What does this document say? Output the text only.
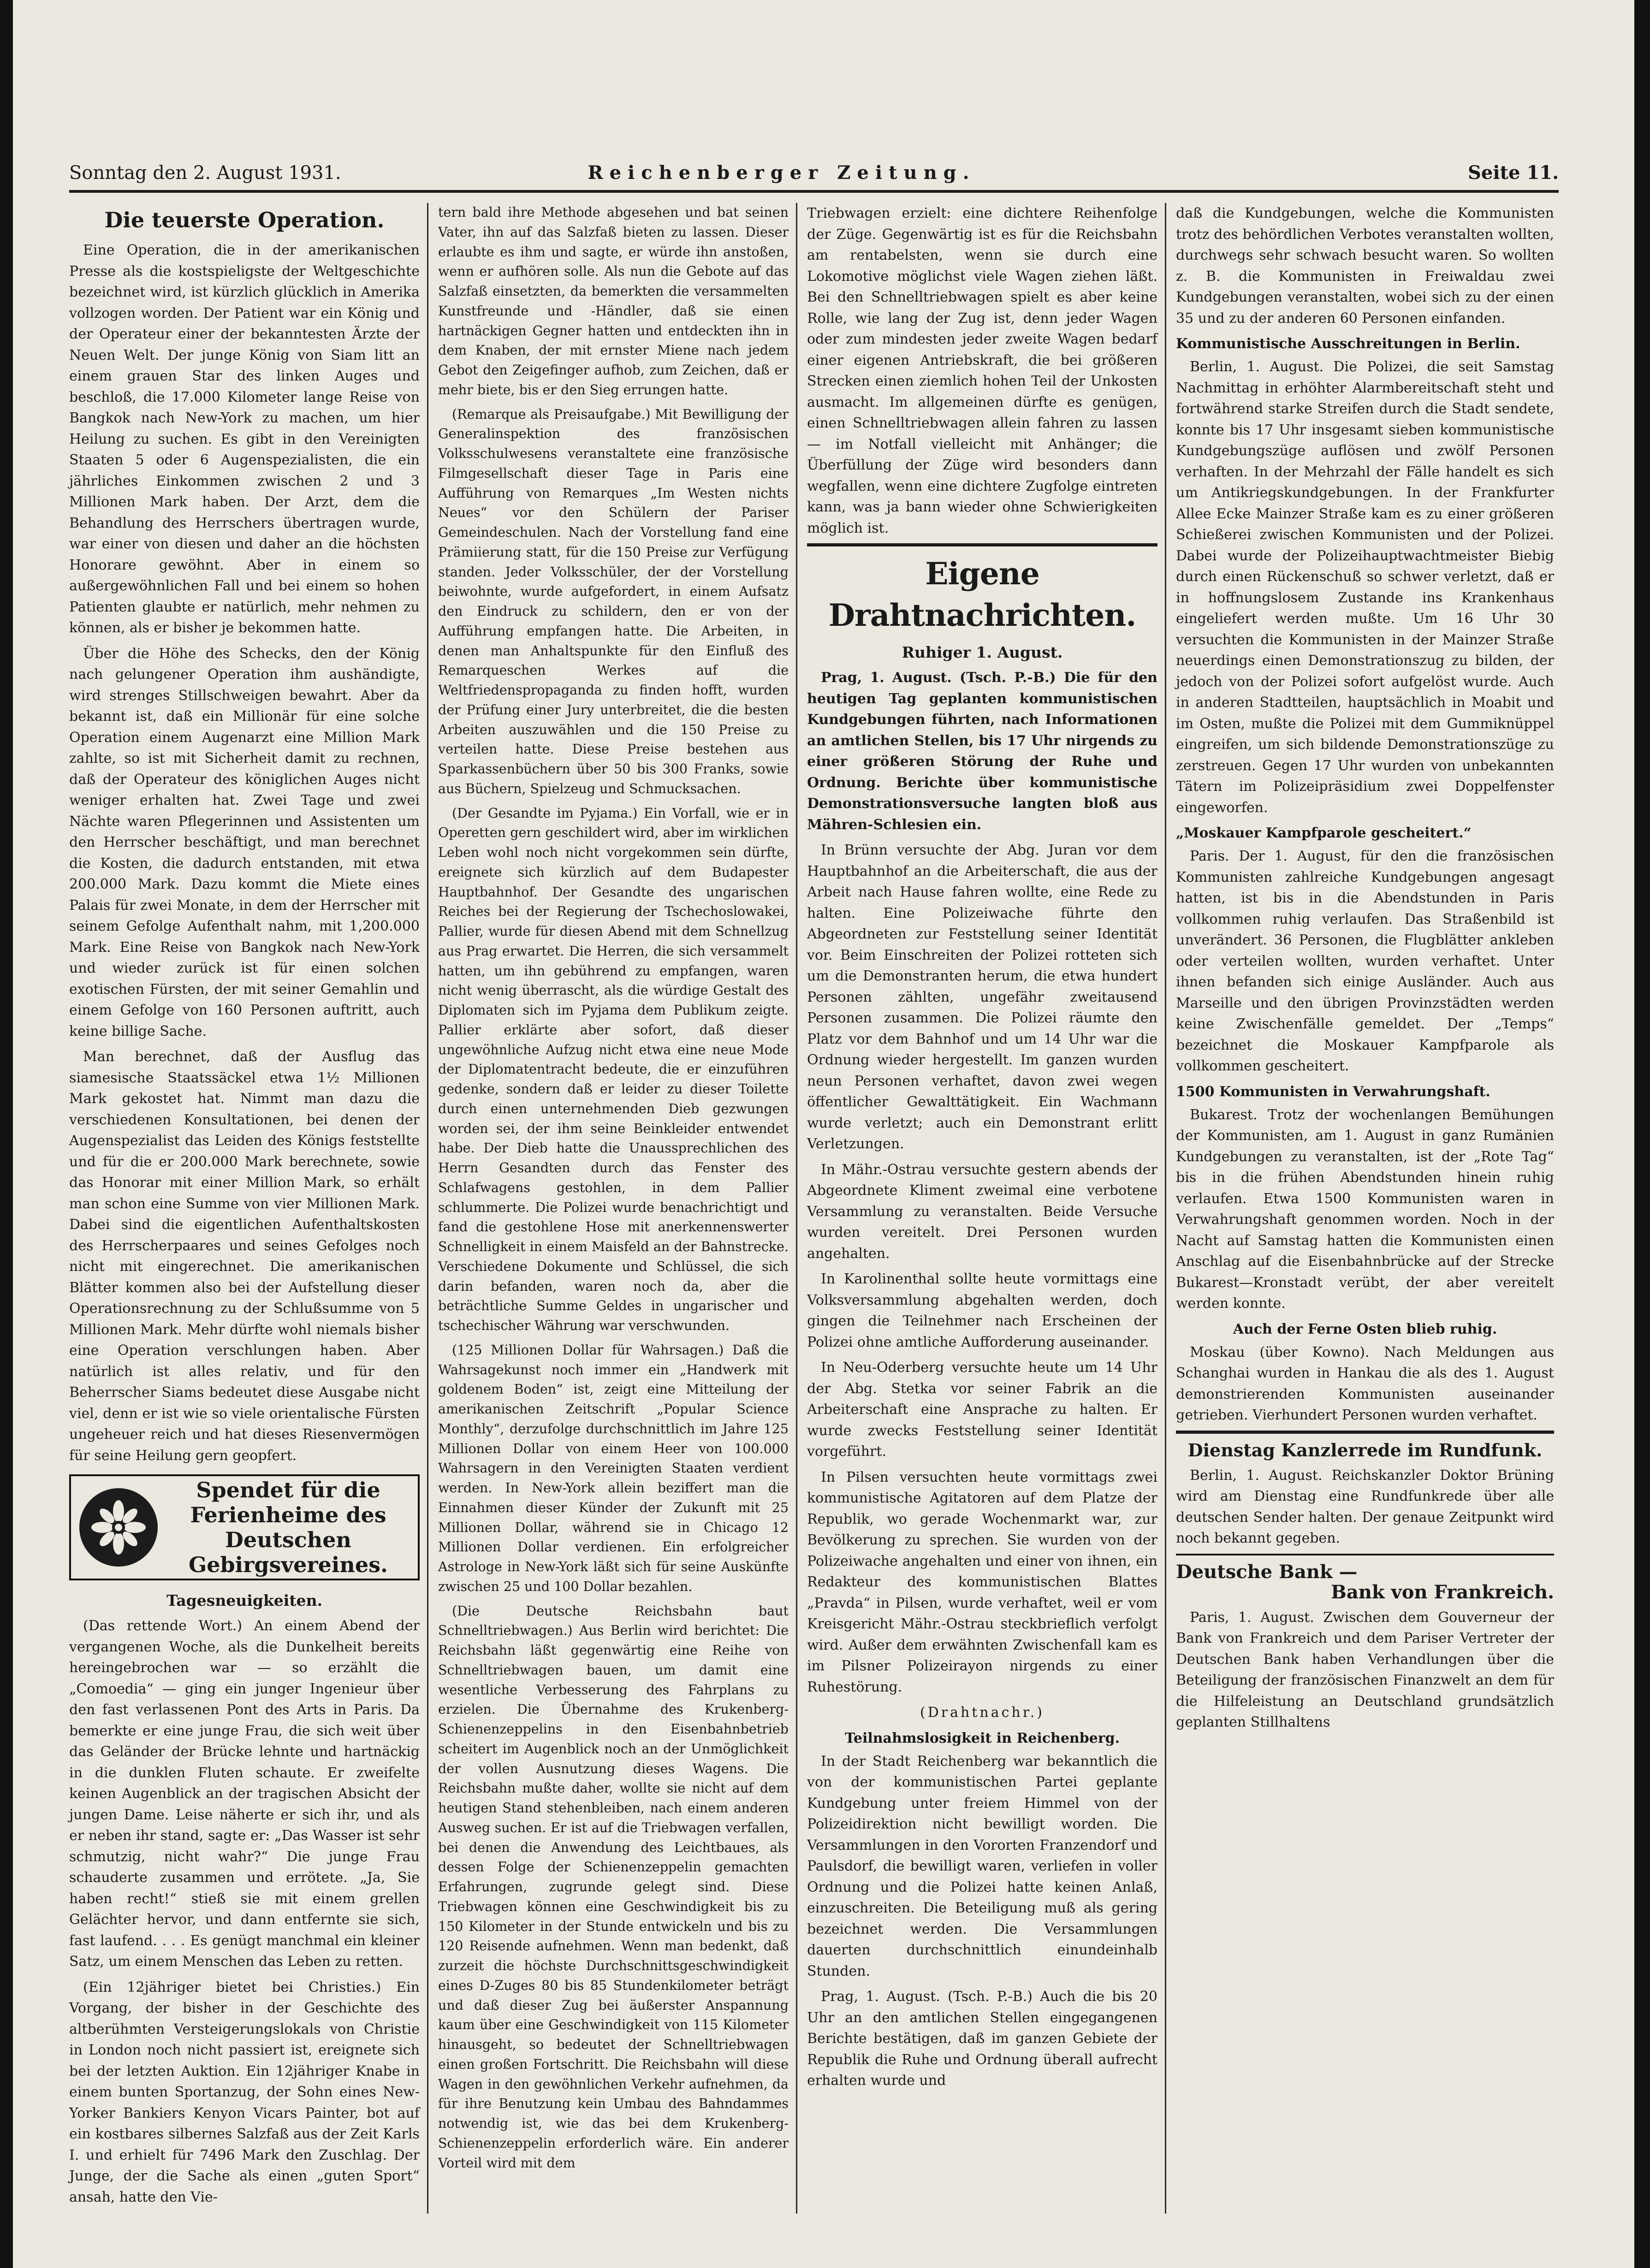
Sonntag den 2. August 1931.	Reichenberger Zeitung.	Seite 11.
Die teuerste Operation.

Eine Operation, die in der amerikanischen Presse als die kostspieligste der Weltgeschichte bezeichnet wird, ist kürzlich glücklich in Amerika vollzogen worden. Der Patient war ein König und der Operateur einer der bekanntesten Ärzte der Neuen Welt. Der junge König von Siam litt an einem grauen Star des linken Auges und beschloß, die 17.000 Kilometer lange Reise von Bangkok nach New-York zu machen, um hier Heilung zu suchen. Es gibt in den Vereinigten Staaten 5 oder 6 Augenspezialisten, die ein jährliches Einkommen zwischen 2 und 3 Millionen Mark haben. Der Arzt, dem die Behandlung des Herrschers übertragen wurde, war einer von diesen und daher an die höchsten Honorare gewöhnt. Aber in einem so außergewöhnlichen Fall und bei einem so hohen Patienten glaubte er natürlich, mehr nehmen zu können, als er bisher je bekommen hatte.

Über die Höhe des Schecks, den der König nach gelungener Operation ihm aushändigte, wird strenges Stillschweigen bewahrt. Aber da bekannt ist, daß ein Millionär für eine solche Operation einem Augenarzt eine Million Mark zahlte, so ist mit Sicherheit damit zu rechnen, daß der Operateur des königlichen Auges nicht weniger erhalten hat. Zwei Tage und zwei Nächte waren Pflegerinnen und Assistenten um den Herrscher beschäftigt, und man berechnet die Kosten, die dadurch entstanden, mit etwa 200.000 Mark. Dazu kommt die Miete eines Palais für zwei Monate, in dem der Herrscher mit seinem Gefolge Aufenthalt nahm, mit 1,200.000 Mark. Eine Reise von Bangkok nach New-York und wieder zurück ist für einen solchen exotischen Fürsten, der mit seiner Gemahlin und einem Gefolge von 160 Personen auftritt, auch keine billige Sache.

Man berechnet, daß der Ausflug das siamesische Staatssäckel etwa 1½ Millionen Mark gekostet hat. Nimmt man dazu die verschiedenen Konsultationen, bei denen der Augenspezialist das Leiden des Königs feststellte und für die er 200.000 Mark berechnete, sowie das Honorar mit einer Million Mark, so erhält man schon eine Summe von vier Millionen Mark. Dabei sind die eigentlichen Aufenthaltskosten des Herrscherpaares und seines Gefolges noch nicht mit eingerechnet. Die amerikanischen Blätter kommen also bei der Aufstellung dieser Operationsrechnung zu der Schlußsumme von 5 Millionen Mark. Mehr dürfte wohl niemals bisher eine Operation verschlungen haben. Aber natürlich ist alles relativ, und für den Beherrscher Siams bedeutet diese Ausgabe nicht viel, denn er ist wie so viele orientalische Fürsten ungeheuer reich und hat dieses Riesenvermögen für seine Heilung gern geopfert.

Spendet für die Ferienheime des Deutschen Gebirgsvereines.
Tagesneuigkeiten.

(Das rettende Wort.) An einem Abend der vergangenen Woche, als die Dunkelheit bereits hereingebrochen war — so erzählt die „Comoedia“ — ging ein junger Ingenieur über den fast verlassenen Pont des Arts in Paris. Da bemerkte er eine junge Frau, die sich weit über das Geländer der Brücke lehnte und hartnäckig in die dunklen Fluten schaute. Er zweifelte keinen Augenblick an der tragischen Absicht der jungen Dame. Leise näherte er sich ihr, und als er neben ihr stand, sagte er: „Das Wasser ist sehr schmutzig, nicht wahr?“ Die junge Frau schauderte zusammen und errötete. „Ja, Sie haben recht!“ stieß sie mit einem grellen Gelächter hervor, und dann entfernte sie sich, fast laufend. . . . Es genügt manchmal ein kleiner Satz, um einem Menschen das Leben zu retten.

(Ein 12jähriger bietet bei Christies.) Ein Vorgang, der bisher in der Geschichte des altberühmten Versteigerungslokals von Christie in London noch nicht passiert ist, ereignete sich bei der letzten Auktion. Ein 12jähriger Knabe in einem bunten Sportanzug, der Sohn eines New-Yorker Bankiers Kenyon Vicars Painter, bot auf ein kostbares silbernes Salzfaß aus der Zeit Karls I. und erhielt für 7496 Mark den Zuschlag. Der Junge, der die Sache als einen „guten Sport“ ansah, hatte den Vie-

tern bald ihre Methode abgesehen und bat seinen Vater, ihn auf das Salzfaß bieten zu lassen. Dieser erlaubte es ihm und sagte, er würde ihn anstoßen, wenn er aufhören solle. Als nun die Gebote auf das Salzfaß einsetzten, da bemerkten die versammelten Kunstfreunde und -Händler, daß sie einen hartnäckigen Gegner hatten und entdeckten ihn in dem Knaben, der mit ernster Miene nach jedem Gebot den Zeigefinger aufhob, zum Zeichen, daß er mehr biete, bis er den Sieg errungen hatte.

(Remarque als Preisaufgabe.) Mit Bewilligung der Generalinspektion des französischen Volksschulwesens veranstaltete eine französische Filmgesellschaft dieser Tage in Paris eine Aufführung von Remarques „Im Westen nichts Neues“ vor den Schülern der Pariser Gemeindeschulen. Nach der Vorstellung fand eine Prämiierung statt, für die 150 Preise zur Verfügung standen. Jeder Volksschüler, der der Vorstellung beiwohnte, wurde aufgefordert, in einem Aufsatz den Eindruck zu schildern, den er von der Aufführung empfangen hatte. Die Arbeiten, in denen man Anhaltspunkte für den Einfluß des Remarqueschen Werkes auf die Weltfriedenspropaganda zu finden hofft, wurden der Prüfung einer Jury unterbreitet, die die besten Arbeiten auszuwählen und die 150 Preise zu verteilen hatte. Diese Preise bestehen aus Sparkassenbüchern über 50 bis 300 Franks, sowie aus Büchern, Spielzeug und Schmucksachen.

(Der Gesandte im Pyjama.) Ein Vorfall, wie er in Operetten gern geschildert wird, aber im wirklichen Leben wohl noch nicht vorgekommen sein dürfte, ereignete sich kürzlich auf dem Budapester Hauptbahnhof. Der Gesandte des ungarischen Reiches bei der Regierung der Tschechoslowakei, Pallier, wurde für diesen Abend mit dem Schnellzug aus Prag erwartet. Die Herren, die sich versammelt hatten, um ihn gebührend zu empfangen, waren nicht wenig überrascht, als die würdige Gestalt des Diplomaten sich im Pyjama dem Publikum zeigte. Pallier erklärte aber sofort, daß dieser ungewöhnliche Aufzug nicht etwa eine neue Mode der Diplomatentracht bedeute, die er einzuführen gedenke, sondern daß er leider zu dieser Toilette durch einen unternehmenden Dieb gezwungen worden sei, der ihm seine Beinkleider entwendet habe. Der Dieb hatte die Unaussprechlichen des Herrn Gesandten durch das Fenster des Schlafwagens gestohlen, in dem Pallier schlummerte. Die Polizei wurde benachrichtigt und fand die gestohlene Hose mit anerkennenswerter Schnelligkeit in einem Maisfeld an der Bahnstrecke. Verschiedene Dokumente und Schlüssel, die sich darin befanden, waren noch da, aber die beträchtliche Summe Geldes in ungarischer und tschechischer Währung war verschwunden.

(125 Millionen Dollar für Wahrsagen.) Daß die Wahrsagekunst noch immer ein „Handwerk mit goldenem Boden“ ist, zeigt eine Mitteilung der amerikanischen Zeitschrift „Popular Science Monthly“, derzufolge durchschnittlich im Jahre 125 Millionen Dollar von einem Heer von 100.000 Wahrsagern in den Vereinigten Staaten verdient werden. In New-York allein beziffert man die Einnahmen dieser Künder der Zukunft mit 25 Millionen Dollar, während sie in Chicago 12 Millionen Dollar verdienen. Ein erfolgreicher Astrologe in New-York läßt sich für seine Auskünfte zwischen 25 und 100 Dollar bezahlen.

(Die Deutsche Reichsbahn baut Schnelltriebwagen.) Aus Berlin wird berichtet: Die Reichsbahn läßt gegenwärtig eine Reihe von Schnelltriebwagen bauen, um damit eine wesentliche Verbesserung des Fahrplans zu erzielen. Die Übernahme des Krukenberg-Schienenzeppelins in den Eisenbahnbetrieb scheitert im Augenblick noch an der Unmöglichkeit der vollen Ausnutzung dieses Wagens. Die Reichsbahn mußte daher, wollte sie nicht auf dem heutigen Stand stehenbleiben, nach einem anderen Ausweg suchen. Er ist auf die Triebwagen verfallen, bei denen die Anwendung des Leichtbaues, als dessen Folge der Schienenzeppelin gemachten Erfahrungen, zugrunde gelegt sind. Diese Triebwagen können eine Geschwindigkeit bis zu 150 Kilometer in der Stunde entwickeln und bis zu 120 Reisende aufnehmen. Wenn man bedenkt, daß zurzeit die höchste Durchschnittsgeschwindigkeit eines D-Zuges 80 bis 85 Stundenkilometer beträgt und daß dieser Zug bei äußerster Anspannung kaum über eine Geschwindigkeit von 115 Kilometer hinausgeht, so bedeutet der Schnelltriebwagen einen großen Fortschritt. Die Reichsbahn will diese Wagen in den gewöhnlichen Verkehr aufnehmen, da für ihre Benutzung kein Umbau des Bahndammes notwendig ist, wie das bei dem Krukenberg-Schienenzeppelin erforderlich wäre. Ein anderer Vorteil wird mit dem

Triebwagen erzielt: eine dichtere Reihenfolge der Züge. Gegenwärtig ist es für die Reichsbahn am rentabelsten, wenn sie durch eine Lokomotive möglichst viele Wagen ziehen läßt. Bei den Schnelltriebwagen spielt es aber keine Rolle, wie lang der Zug ist, denn jeder Wagen oder zum mindesten jeder zweite Wagen bedarf einer eigenen Antriebskraft, die bei größeren Strecken einen ziemlich hohen Teil der Unkosten ausmacht. Im allgemeinen dürfte es genügen, einen Schnelltriebwagen allein fahren zu lassen — im Notfall vielleicht mit Anhänger; die Überfüllung der Züge wird besonders dann wegfallen, wenn eine dichtere Zugfolge eintreten kann, was ja bann wieder ohne Schwierigkeiten möglich ist.

Eigene Drahtnachrichten.
Ruhiger 1. August.

Prag, 1. August. (Tsch. P.-B.) Die für den heutigen Tag geplanten kommunistischen Kundgebungen führten, nach Informationen an amtlichen Stellen, bis 17 Uhr nirgends zu einer größeren Störung der Ruhe und Ordnung. Berichte über kommunistische Demonstrationsversuche langten bloß aus Mähren-Schlesien ein.

In Brünn versuchte der Abg. Juran vor dem Hauptbahnhof an die Arbeiterschaft, die aus der Arbeit nach Hause fahren wollte, eine Rede zu halten. Eine Polizeiwache führte den Abgeordneten zur Feststellung seiner Identität vor. Beim Einschreiten der Polizei rotteten sich um die Demonstranten herum, die etwa hundert Personen zählten, ungefähr zweitausend Personen zusammen. Die Polizei räumte den Platz vor dem Bahnhof und um 14 Uhr war die Ordnung wieder hergestellt. Im ganzen wurden neun Personen verhaftet, davon zwei wegen öffentlicher Gewalttätigkeit. Ein Wachmann wurde verletzt; auch ein Demonstrant erlitt Verletzungen.

In Mähr.-Ostrau versuchte gestern abends der Abgeordnete Kliment zweimal eine verbotene Versammlung zu veranstalten. Beide Versuche wurden vereitelt. Drei Personen wurden angehalten.

In Karolinenthal sollte heute vormittags eine Volksversammlung abgehalten werden, doch gingen die Teilnehmer nach Erscheinen der Polizei ohne amtliche Aufforderung auseinander.

In Neu-Oderberg versuchte heute um 14 Uhr der Abg. Stetka vor seiner Fabrik an die Arbeiterschaft eine Ansprache zu halten. Er wurde zwecks Feststellung seiner Identität vorgeführt.

In Pilsen versuchten heute vormittags zwei kommunistische Agitatoren auf dem Platze der Republik, wo gerade Wochenmarkt war, zur Bevölkerung zu sprechen. Sie wurden von der Polizeiwache angehalten und einer von ihnen, ein Redakteur des kommunistischen Blattes „Pravda“ in Pilsen, wurde verhaftet, weil er vom Kreisgericht Mähr.-Ostrau steckbrieflich verfolgt wird. Außer dem erwähnten Zwischenfall kam es im Pilsner Polizeirayon nirgends zu einer Ruhestörung.

(Drahtnachr.)
Teilnahmslosigkeit in Reichenberg.

In der Stadt Reichenberg war bekanntlich die von der kommunistischen Partei geplante Kundgebung unter freiem Himmel von der Polizeidirektion nicht bewilligt worden. Die Versammlungen in den Vororten Franzendorf und Paulsdorf, die bewilligt waren, verliefen in voller Ordnung und die Polizei hatte keinen Anlaß, einzuschreiten. Die Beteiligung muß als gering bezeichnet werden. Die Versammlungen dauerten durchschnittlich einundeinhalb Stunden.

Prag, 1. August. (Tsch. P.-B.) Auch die bis 20 Uhr an den amtlichen Stellen eingegangenen Berichte bestätigen, daß im ganzen Gebiete der Republik die Ruhe und Ordnung überall aufrecht erhalten wurde und

daß die Kundgebungen, welche die Kommunisten trotz des behördlichen Verbotes veranstalten wollten, durchwegs sehr schwach besucht waren. So wollten z. B. die Kommunisten in Freiwaldau zwei Kundgebungen veranstalten, wobei sich zu der einen 35 und zu der anderen 60 Personen einfanden.

Kommunistische Ausschreitungen in Berlin.

Berlin, 1. August. Die Polizei, die seit Samstag Nachmittag in erhöhter Alarmbereitschaft steht und fortwährend starke Streifen durch die Stadt sendete, konnte bis 17 Uhr insgesamt sieben kommunistische Kundgebungszüge auflösen und zwölf Personen verhaften. In der Mehrzahl der Fälle handelt es sich um Antikriegskundgebungen. In der Frankfurter Allee Ecke Mainzer Straße kam es zu einer größeren Schießerei zwischen Kommunisten und der Polizei. Dabei wurde der Polizeihauptwachtmeister Biebig durch einen Rückenschuß so schwer verletzt, daß er in hoffnungslosem Zustande ins Krankenhaus eingeliefert werden mußte. Um 16 Uhr 30 versuchten die Kommunisten in der Mainzer Straße neuerdings einen Demonstrationszug zu bilden, der jedoch von der Polizei sofort aufgelöst wurde. Auch in anderen Stadtteilen, hauptsächlich in Moabit und im Osten, mußte die Polizei mit dem Gummiknüppel eingreifen, um sich bildende Demonstrationszüge zu zerstreuen. Gegen 17 Uhr wurden von unbekannten Tätern im Polizeipräsidium zwei Doppelfenster eingeworfen.

„Moskauer Kampfparole gescheitert.“

Paris. Der 1. August, für den die französischen Kommunisten zahlreiche Kundgebungen angesagt hatten, ist bis in die Abendstunden in Paris vollkommen ruhig verlaufen. Das Straßenbild ist unverändert. 36 Personen, die Flugblätter ankleben oder verteilen wollten, wurden verhaftet. Unter ihnen befanden sich einige Ausländer. Auch aus Marseille und den übrigen Provinzstädten werden keine Zwischenfälle gemeldet. Der „Temps“ bezeichnet die Moskauer Kampfparole als vollkommen gescheitert.

1500 Kommunisten in Verwahrungshaft.

Bukarest. Trotz der wochenlangen Bemühungen der Kommunisten, am 1. August in ganz Rumänien Kundgebungen zu veranstalten, ist der „Rote Tag“ bis in die frühen Abendstunden hinein ruhig verlaufen. Etwa 1500 Kommunisten waren in Verwahrungshaft genommen worden. Noch in der Nacht auf Samstag hatten die Kommunisten einen Anschlag auf die Eisenbahnbrücke auf der Strecke Bukarest—Kronstadt verübt, der aber vereitelt werden konnte.

Auch der Ferne Osten blieb ruhig.

Moskau (über Kowno). Nach Meldungen aus Schanghai wurden in Hankau die als des 1. August demonstrierenden Kommunisten auseinander getrieben. Vierhundert Personen wurden verhaftet.

Dienstag Kanzlerrede im Rundfunk.

Berlin, 1. August. Reichskanzler Doktor Brüning wird am Dienstag eine Rundfunkrede über alle deutschen Sender halten. Der genaue Zeitpunkt wird noch bekannt gegeben.

Deutsche Bank —
Bank von Frankreich.

Paris, 1. August. Zwischen dem Gouverneur der Bank von Frankreich und dem Pariser Vertreter der Deutschen Bank haben Verhandlungen über die Beteiligung der französischen Finanzwelt an dem für die Hilfeleistung an Deutschland grundsätzlich geplanten Stillhaltens
